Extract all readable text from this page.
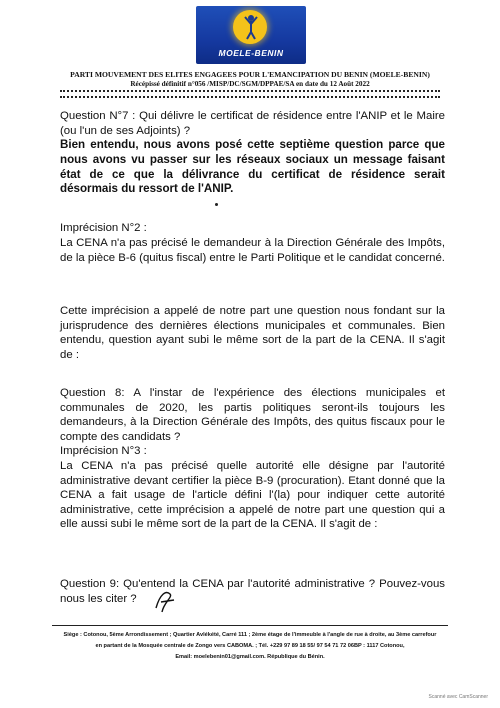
MOELE-BENIN
PARTI MOUVEMENT DES ELITES ENGAGEES POUR L'EMANCIPATION DU BENIN (MOELE-BENIN)
Récépissé définitif n°056 /MISP/DC/SGM/DPPAE/SA en date du 12 Août 2022

Question N°7 : Qui délivre le certificat de résidence entre l'ANIP et le Maire (ou l'un de ses Adjoints) ?

Bien entendu, nous avons posé cette septième question parce que nous avons vu passer sur les réseaux sociaux un message faisant état de ce que la délivrance du certificat de résidence serait désormais du ressort de l'ANIP.

Imprécision N°2 :

La CENA n'a pas précisé le demandeur à la Direction Générale des Impôts, de la pièce B-6 (quitus fiscal) entre le Parti Politique et le candidat concerné.

Cette imprécision a appelé de notre part une question nous fondant sur la jurisprudence des dernières élections municipales et communales. Bien entendu, question ayant subi le même sort de la part de la CENA. Il s'agit de :

Question 8: A l'instar de l'expérience des élections municipales et communales de 2020, les partis politiques seront-ils toujours les demandeurs, à la Direction Générale des Impôts, des quitus fiscaux pour le compte des candidats ?

Imprécision N°3 :

La CENA n'a pas précisé quelle autorité elle désigne par l'autorité administrative devant certifier la pièce B-9 (procuration). Etant donné que la CENA a fait usage de l'article défini l'(la) pour indiquer cette autorité administrative, cette imprécision a appelé de notre part une question qui a elle aussi subi le même sort de la part de la CENA. Il s'agit de :

Question 9: Qu'entend la CENA par l'autorité administrative ? Pouvez-vous nous les citer ?

Siège : Cotonou, 5ème Arrondissement ; Quartier Avlékété, Carré 111 ; 2ème étage de l'immeuble à l'angle de rue à droite, au 3ème carrefour
en partant de la Mosquée centrale de Zongo vers CABOMA. ; Tél. +229 97 89 18 55/ 97 54 71 72 06BP : 1117 Cotonou,
Email: moelebenin01@gmail.com. République du Bénin.
Scanné avec CamScanner
